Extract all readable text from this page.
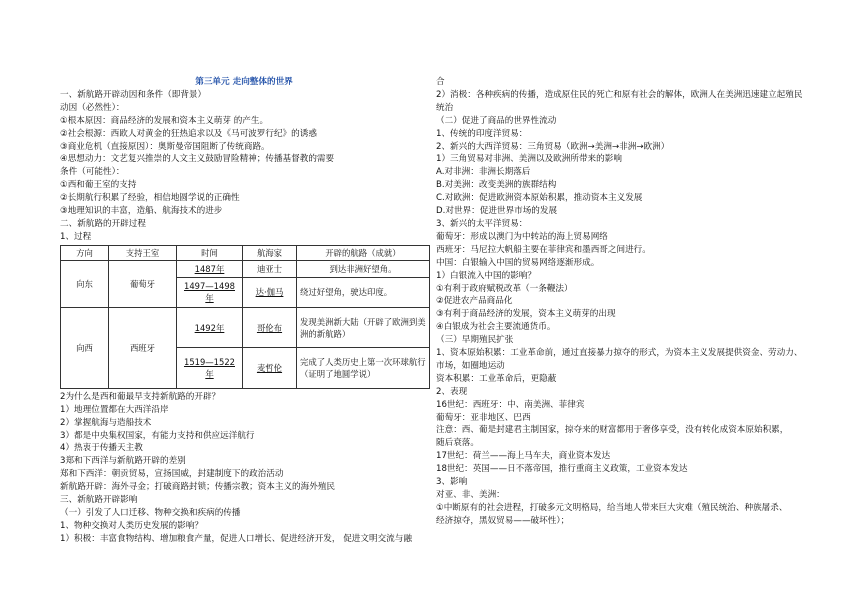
第三单元 走向整体的世界
一、新航路开辟动因和条件（即背景）
动因（必然性）：
①根本原因：商品经济的发展和资本主义萌芽 的产生。
②社会根源：西欧人对黄金的狂热追求以及《马可波罗行纪》的诱惑
③商业危机（直接原因）：奥斯曼帝国阻断了传统商路。
④思想动力：文艺复兴推崇的人文主义鼓励冒险精神；传播基督教的需要
条件（可能性）：
①西和葡王室的支持
②长期航行积累了经验，相信地圆学说的正确性
③地理知识的丰富，造船、航海技术的进步
二、新航路的开辟过程
1、过程
方向	支持王室	时间	航海家	开辟的航路（成就）
向东	葡萄牙	1487年	迪亚士	到达非洲好望角。
		1497—1498年	达·伽马	绕过好望角，驶达印度。
向西	西班牙	1492年	哥伦布	发现美洲新大陆（开辟了欧洲到美洲的新航路）
		1519—1522年	麦哲伦	完成了人类历史上第一次环球航行（证明了地圆学说）
2为什么是西和葡最早支持新航路的开辟？
1）地理位置都在大西洋沿岸
2）掌握航海与造船技术
3）都是中央集权国家，有能力支持和供应远洋航行
4）热衷于传播天主教
3郑和下西洋与新航路开辟的差别
郑和下西洋：朝贡贸易，宣扬国威，封建制度下的政治活动
新航路开辟：海外寻金；打破商路封锁；传播宗教；资本主义的海外殖民
三、新航路开辟影响
（一）引发了人口迁移、物种交换和疾病的传播
1、物种交换对人类历史发展的影响？
1）积极：丰富食物结构、增加粮食产量，促进人口增长、促进经济开发， 促进文明交流与融
合
2）消极：各种疾病的传播，造成原住民的死亡和原有社会的解体，欧洲人在美洲迅速建立起殖民
统治
（二）促进了商品的世界性流动
1、传统的印度洋贸易：
2、新兴的大西洋贸易：三角贸易（欧洲→美洲→非洲→欧洲）
1）三角贸易对非洲、美洲以及欧洲所带来的影响
A.对非洲：非洲长期落后
B.对美洲：改变美洲的族群结构
C.对欧洲：促进欧洲资本原始积累，推动资本主义发展
D.对世界：促进世界市场的发展
3、新兴的太平洋贸易：
葡萄牙：形成以澳门为中转站的海上贸易网络
西班牙：马尼拉大帆船主要在菲律宾和墨西哥之间进行。
中国：白银输入中国的贸易网络逐渐形成。
1）白银流入中国的影响？
①有利于政府赋税改革（一条鞭法）
②促进农产品商品化
③有利于商品经济的发展，资本主义萌芽的出现
④白银成为社会主要流通货币。
（三）早期殖民扩张
1、资本原始积累：工业革命前，通过直接暴力掠夺的形式，为资本主义发展提供资金、劳动力、
市场，如圈地运动
资本积累：工业革命后，更隐蔽
2、表现
16世纪：西班牙：中、南美洲、菲律宾
葡萄牙：亚非地区、巴西
注意：西、葡是封建君主制国家，掠夺来的财富都用于奢侈享受，没有转化成资本原始积累，
随后衰落。
17世纪：荷兰——海上马车夫，商业资本发达
18世纪：英国——日不落帝国，推行重商主义政策，工业资本发达
3、影响
对亚、非、美洲：
①中断原有的社会进程，打破多元文明格局，给当地人带来巨大灾难（殖民统治、种族屠杀、
经济掠夺，黑奴贸易——破坏性）；
